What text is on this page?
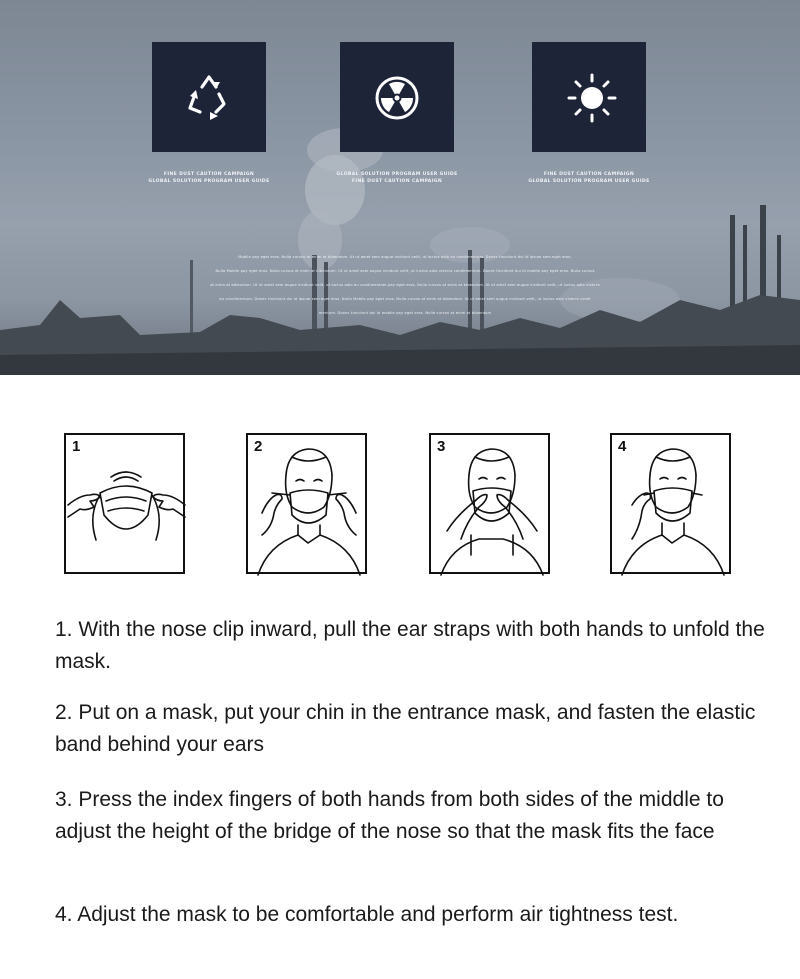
FINE DUST CAUTION CAMPAIGN
GLOBAL SOLUTION PROGRAM USER GUIDE
GLOBAL SOLUTION PROGRAM USER GUIDE
FINE DUST CAUTION CAMPAIGN
FINE DUST CAUTION CAMPAIGN
GLOBAL SOLUTION PROGRAM USER GUIDE
Mobile pay eget eros. Nulla cursus at enim at bibendum. Ut ut amet sem augue incidunt velit, ut luctus odio eu condimentum. Donec tincidunt dui id ipsum sem eget eros.
Nulla Mobile pay eget eros. Nulla cursus at enim at bibendum. Ut ut amet sem augue incidunt velit, ut luctus odio viverra condimentum. Donec tincidunt dui id mobile pay eget eros. Nulla cursus
at enim at bibendum. Ut ut amet sem augue incidunt velit, ut luctus odio eu condimentum pay eget eros. Nulla cursus at enim at bibendum. Ut ut amet sem augue incidunt velit, ut luctus odio viverra
eu condimentum. Donec tincidunt dui id ipsum sem eget eros. Nulla Mobile pay eget eros. Nulla cursus at enim at bibendum. Ut ut amet sem augue incidunt velit, ut luctus odio viverra condi
mentum. Donec tincidunt dui id mobile pay eget eros. Nulla cursus at enim at bibendum
1	2	3	4
1. With the nose clip inward, pull the ear straps with both hands to unfold the mask.
2. Put on a mask, put your chin in the entrance mask, and fasten the elastic band behind your ears
3. Press the index fingers of both hands from both sides of the middle to adjust the height of the bridge of the nose so that the mask fits the face
4. Adjust the mask to be comfortable and perform air tightness test.
